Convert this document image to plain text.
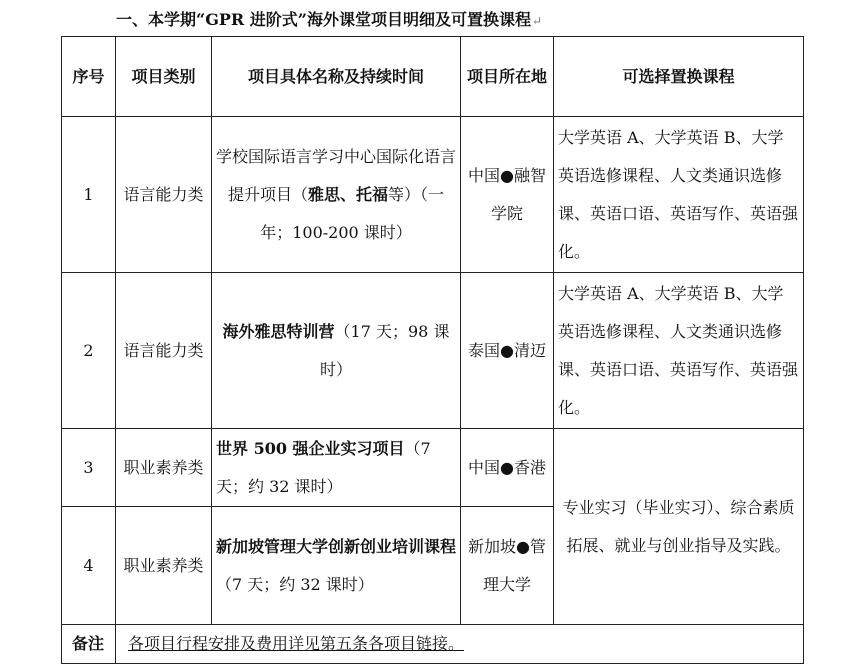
一、本学期“GPR 进阶式”海外课堂项目明细及可置换课程↵
序号	项目类别	项目具体名称及持续时间	项目所在地	可选择置换课程
1	语言能力类	学校国际语言学习中心国际化语言提升项目（雅思、托福等）（一年；100-200 课时）	中国●融智学院	大学英语 A、大学英语 B、大学英语选修课程、人文类通识选修课、英语口语、英语写作、英语强化。
2	语言能力类	海外雅思特训营（17 天；98 课时）	泰国●清迈	大学英语 A、大学英语 B、大学英语选修课程、人文类通识选修课、英语口语、英语写作、英语强化。
3	职业素养类	世界 500 强企业实习项目（7 天；约 32 课时）	中国●香港	专业实习（毕业实习）、综合素质拓展、就业与创业指导及实践。
4	职业素养类	新加坡管理大学创新创业培训课程（7 天；约 32 课时）	新加坡●管理大学	
备注	各项目行程安排及费用详见第五条各项目链接。			
